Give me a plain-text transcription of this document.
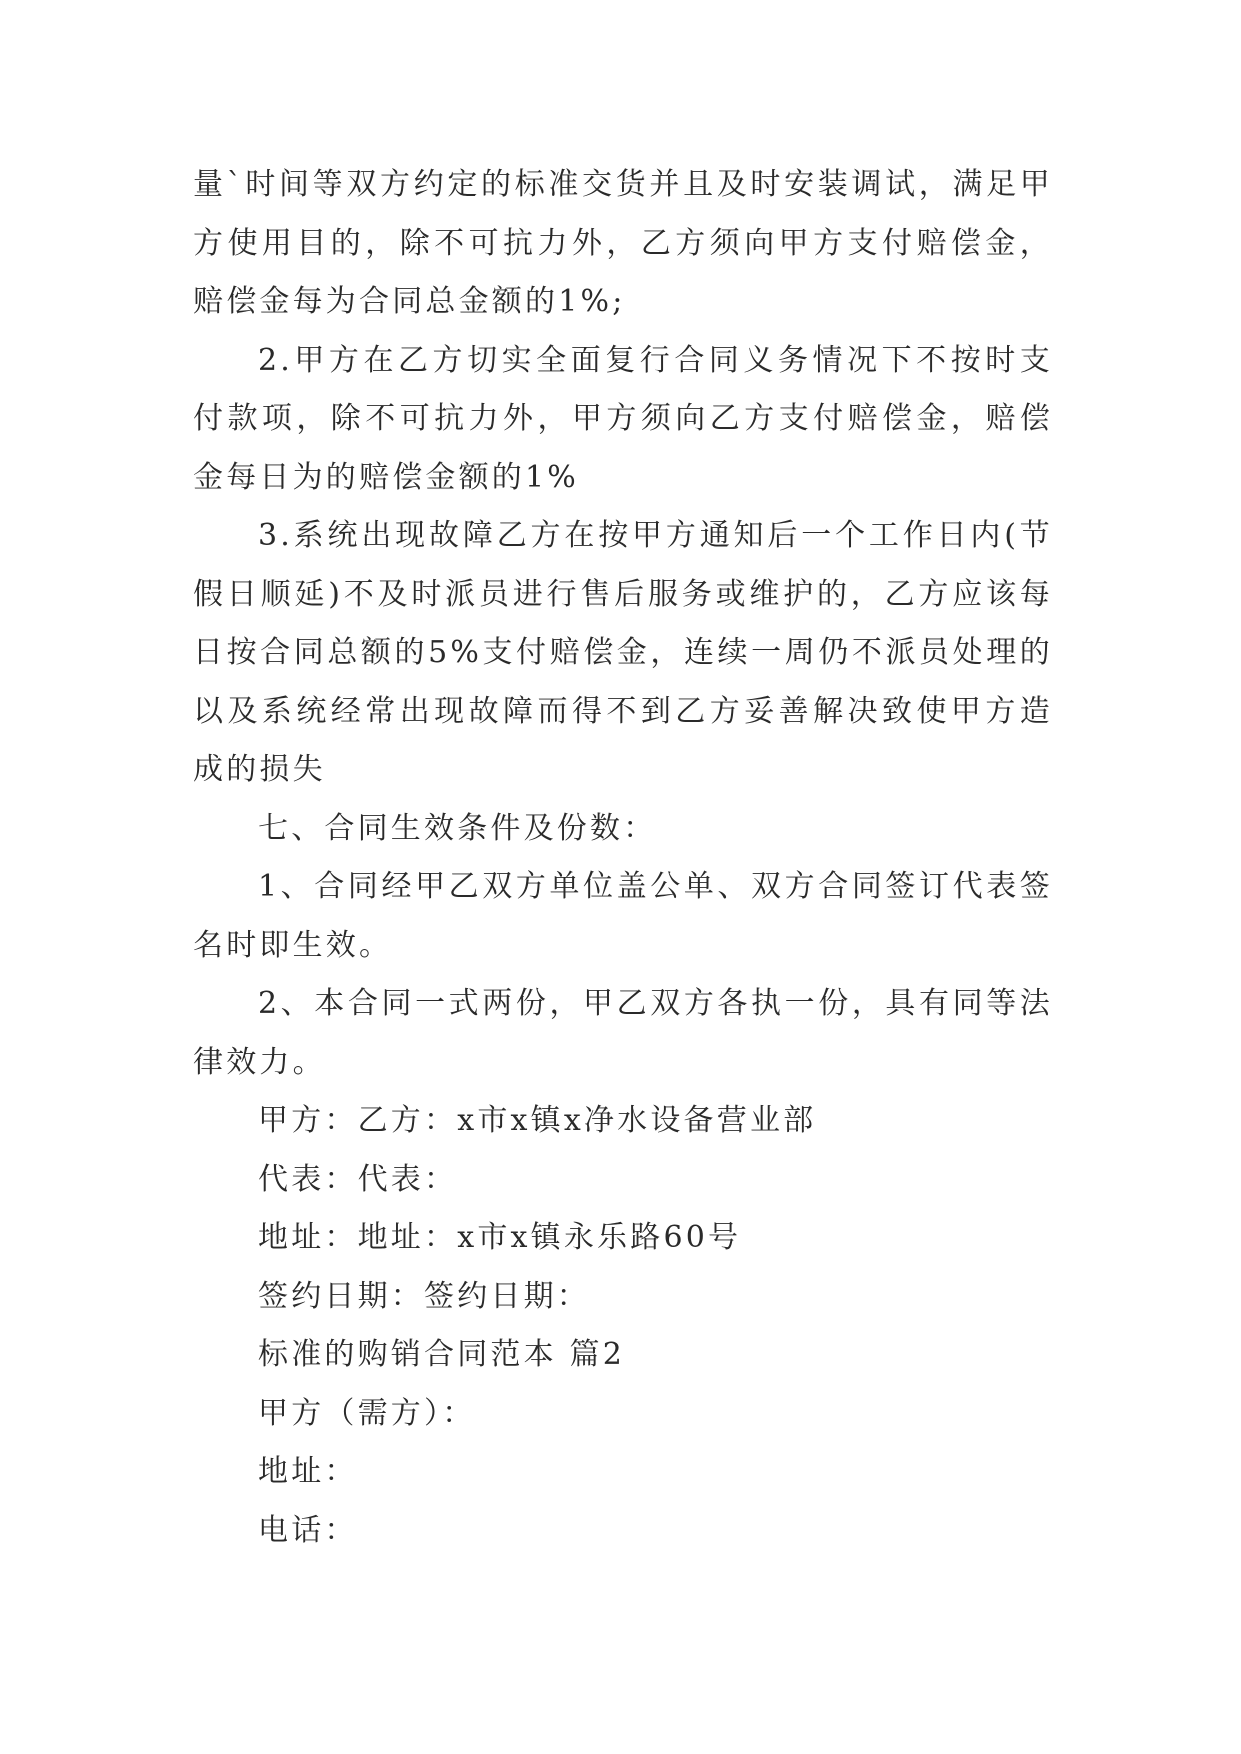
量`时间等双方约定的标准交货并且及时安装调试，满足甲方使用目的，除不可抗力外，乙方须向甲方支付赔偿金，赔偿金每为合同总金额的1%;

2.甲方在乙方切实全面复行合同义务情况下不按时支付款项，除不可抗力外，甲方须向乙方支付赔偿金，赔偿金每日为的赔偿金额的1%

3.系统出现故障乙方在按甲方通知后一个工作日内(节假日顺延)不及时派员进行售后服务或维护的，乙方应该每日按合同总额的5%支付赔偿金，连续一周仍不派员处理的以及系统经常出现故障而得不到乙方妥善解决致使甲方造成的损失

七、合同生效条件及份数：

1、合同经甲乙双方单位盖公单、双方合同签订代表签名时即生效。

2、本合同一式两份，甲乙双方各执一份，具有同等法律效力。

甲方：乙方：x市x镇x净水设备营业部

代表：代表：

地址：地址：x市x镇永乐路60号

签约日期：签约日期：

标准的购销合同范本 篇2

甲方（需方）：

地址：

电话：
